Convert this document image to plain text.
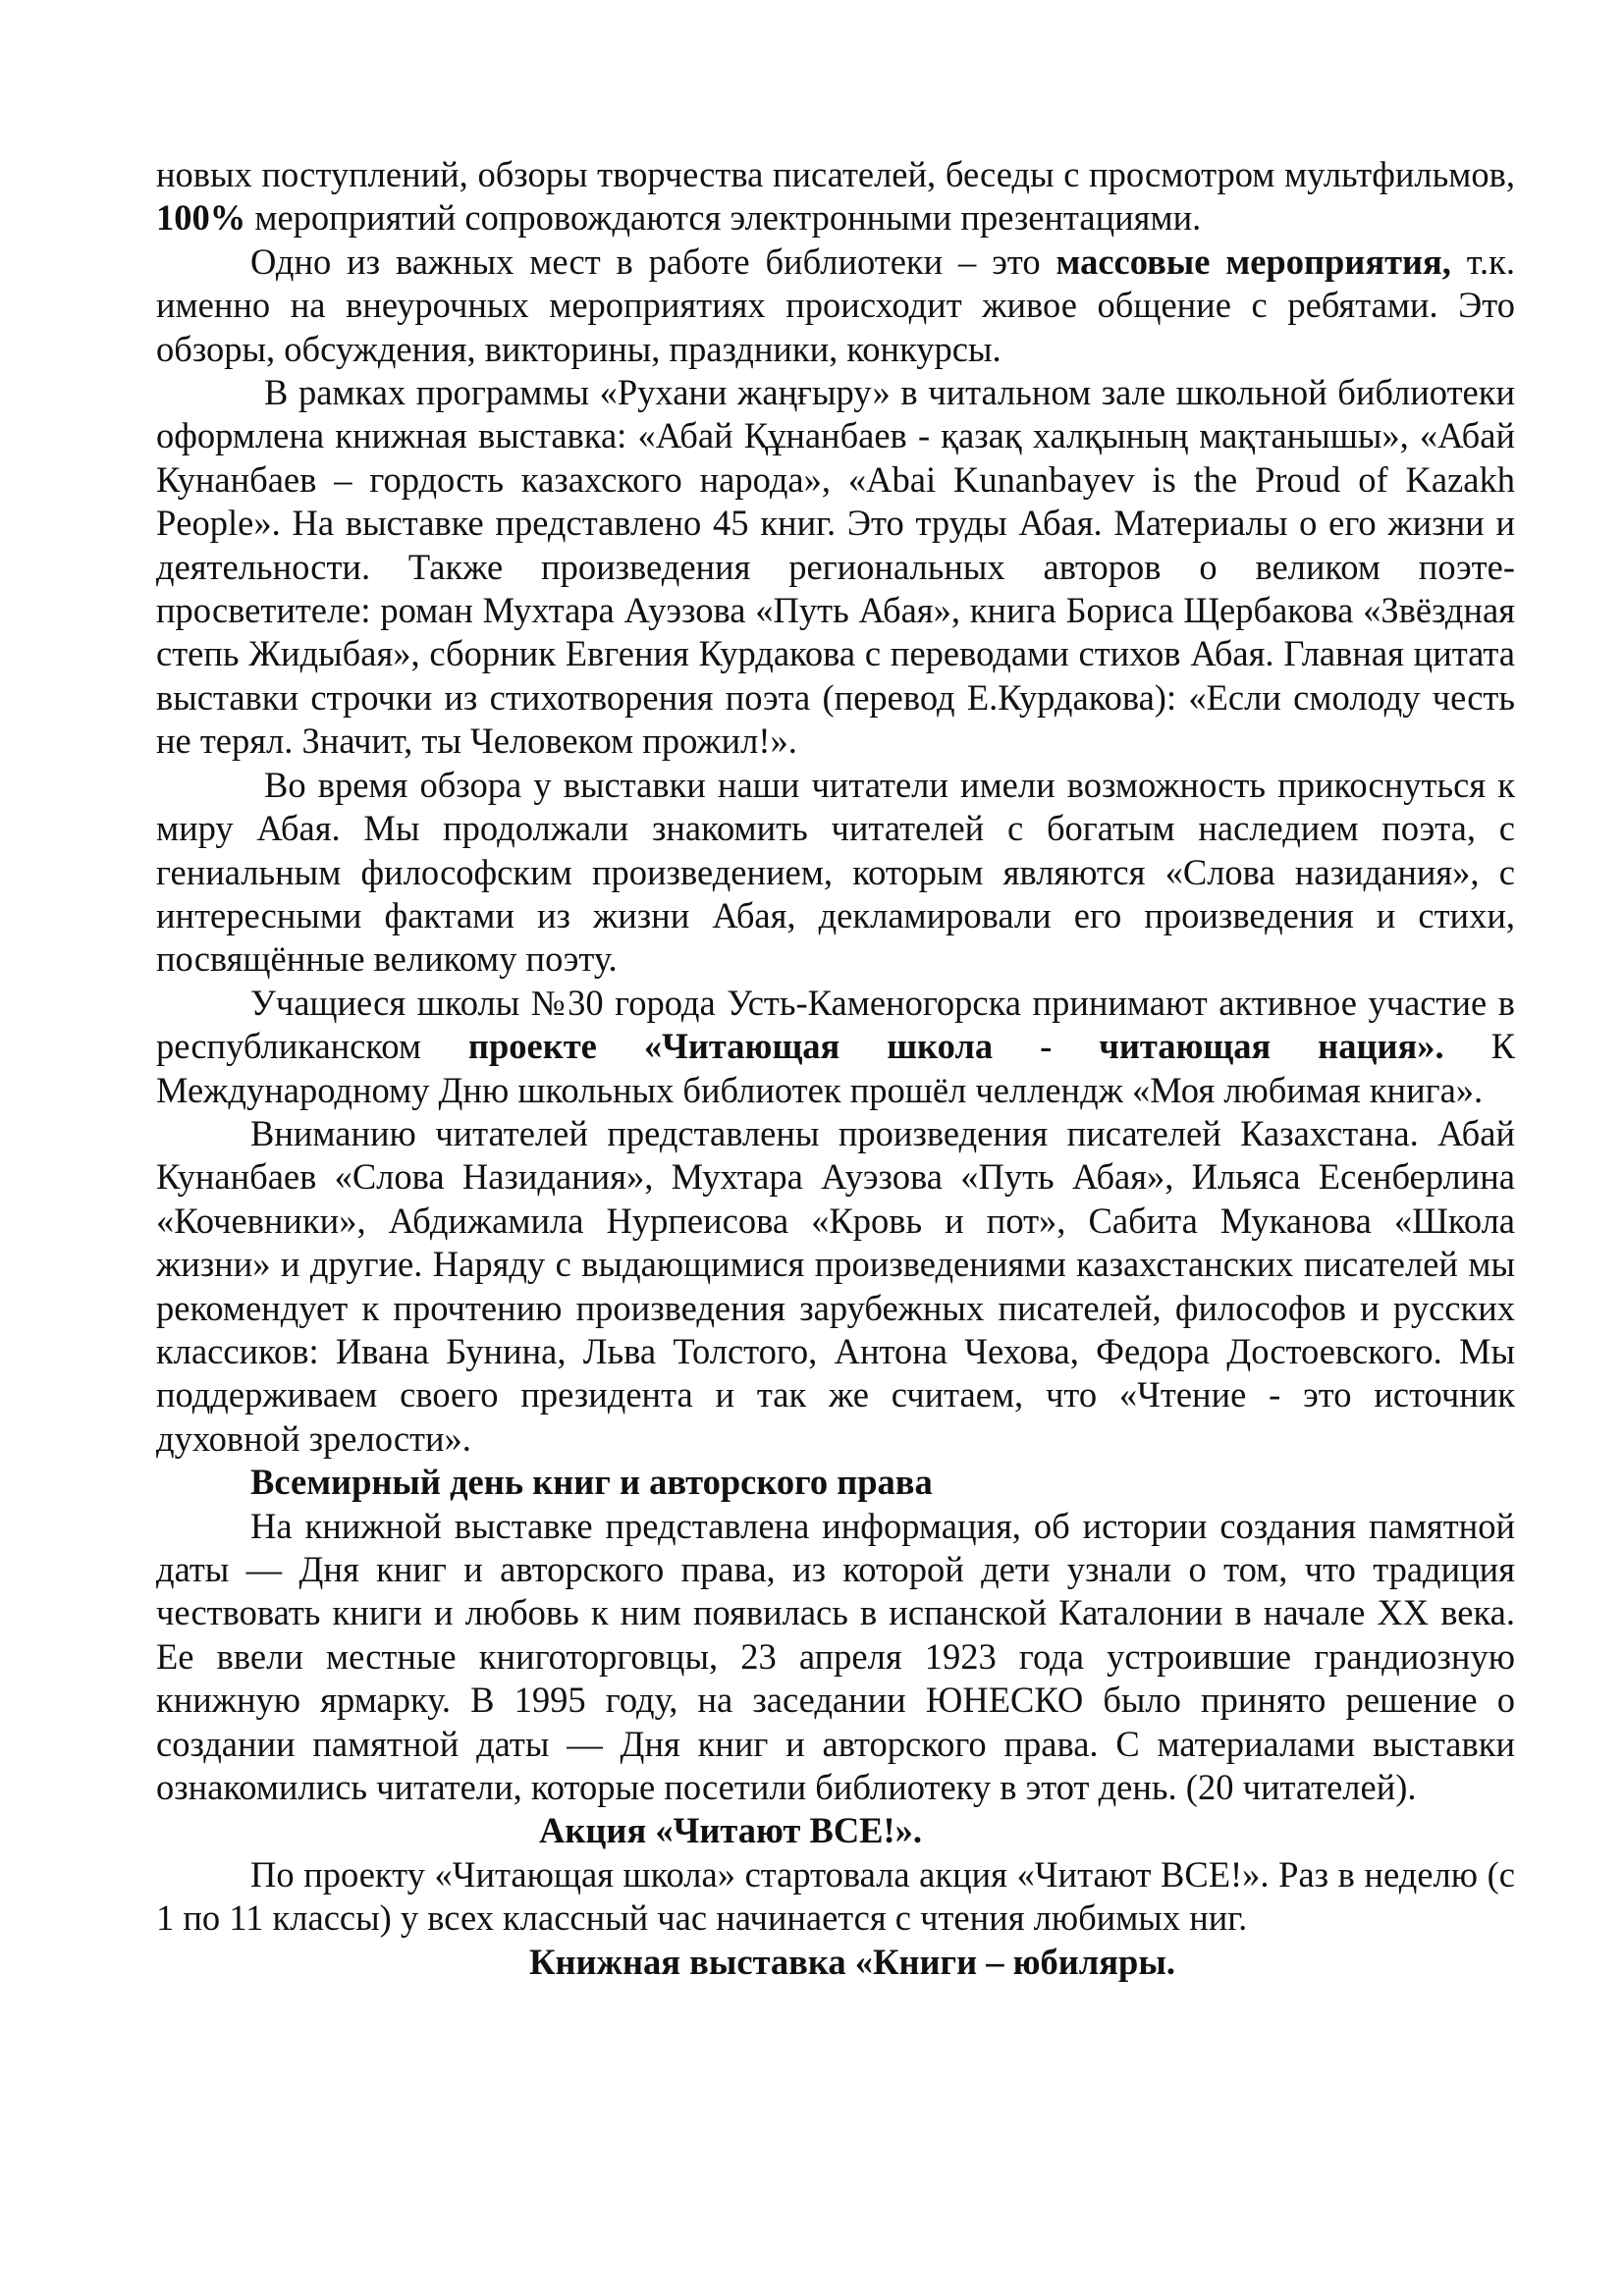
новых поступлений, обзоры творчества писателей, беседы с просмотром мультфильмов, 100% мероприятий сопровождаются электронными презентациями.

Одно из важных мест в работе библиотеки – это массовые мероприятия, т.к. именно на внеурочных мероприятиях происходит живое общение с ребятами. Это обзоры, обсуждения, викторины, праздники, конкурсы.

В рамках программы «Рухани жаңғыру» в читальном зале школьной библиотеки оформлена книжная выставка: «Абай Құнанбаев - қазақ халқының мақтанышы», «Абай Кунанбаев – гордость казахского народа», «Abai Kunanbayev is the Proud of Kazakh People». На выставке представлено 45 книг. Это труды Абая. Материалы о его жизни и деятельности. Также произведения региональных авторов о великом поэте-просветителе: роман Мухтара Ауэзова «Путь Абая», книга Бориса Щербакова «Звёздная степь Жидыбая», сборник Евгения Курдакова с переводами стихов Абая. Главная цитата выставки строчки из стихотворения поэта (перевод Е.Курдакова): «Если смолоду честь не терял. Значит, ты Человеком прожил!».

Во время обзора у выставки наши читатели имели возможность прикоснуться к миру Абая. Мы продолжали знакомить читателей с богатым наследием поэта, с гениальным философским произведением, которым являются «Слова назидания», с интересными фактами из жизни Абая, декламировали его произведения и стихи, посвящённые великому поэту.

Учащиеся школы №30 города Усть-Каменогорска принимают активное участие в республиканском проекте «Читающая школа - читающая нация». К Международному Дню школьных библиотек прошёл челлендж «Моя любимая книга».

Вниманию читателей представлены произведения писателей Казахстана. Абай Кунанбаев «Слова Назидания», Мухтара Ауэзова «Путь Абая», Ильяса Есенберлина «Кочевники», Абдижамила Нурпеисова «Кровь и пот», Сабита Муканова «Школа жизни» и другие. Наряду с выдающимися произведениями казахстанских писателей мы рекомендует к прочтению произведения зарубежных писателей, философов и русских классиков: Ивана Бунина, Льва Толстого, Антона Чехова, Федора Достоевского. Мы поддерживаем своего президента и так же считаем, что «Чтение - это источник духовной зрелости».

Всемирный день книг и авторского права

На книжной выставке представлена информация, об истории создания памятной даты — Дня книг и авторского права, из которой дети узнали о том, что традиция чествовать книги и любовь к ним появилась в испанской Каталонии в начале XX века. Ее ввели местные книготорговцы, 23 апреля 1923 года устроившие грандиозную книжную ярмарку. В 1995 году, на заседании ЮНЕСКО было принято решение о создании памятной даты — Дня книг и авторского права. С материалами выставки ознакомились читатели, которые посетили библиотеку в этот день. (20 читателей).

Акция «Читают ВСЕ!».

По проекту «Читающая школа» стартовала акция «Читают ВСЕ!». Раз в неделю (с 1 по 11 классы) у всех классный час начинается с чтения любимых ниг.

Книжная выставка «Книги – юбиляры.
